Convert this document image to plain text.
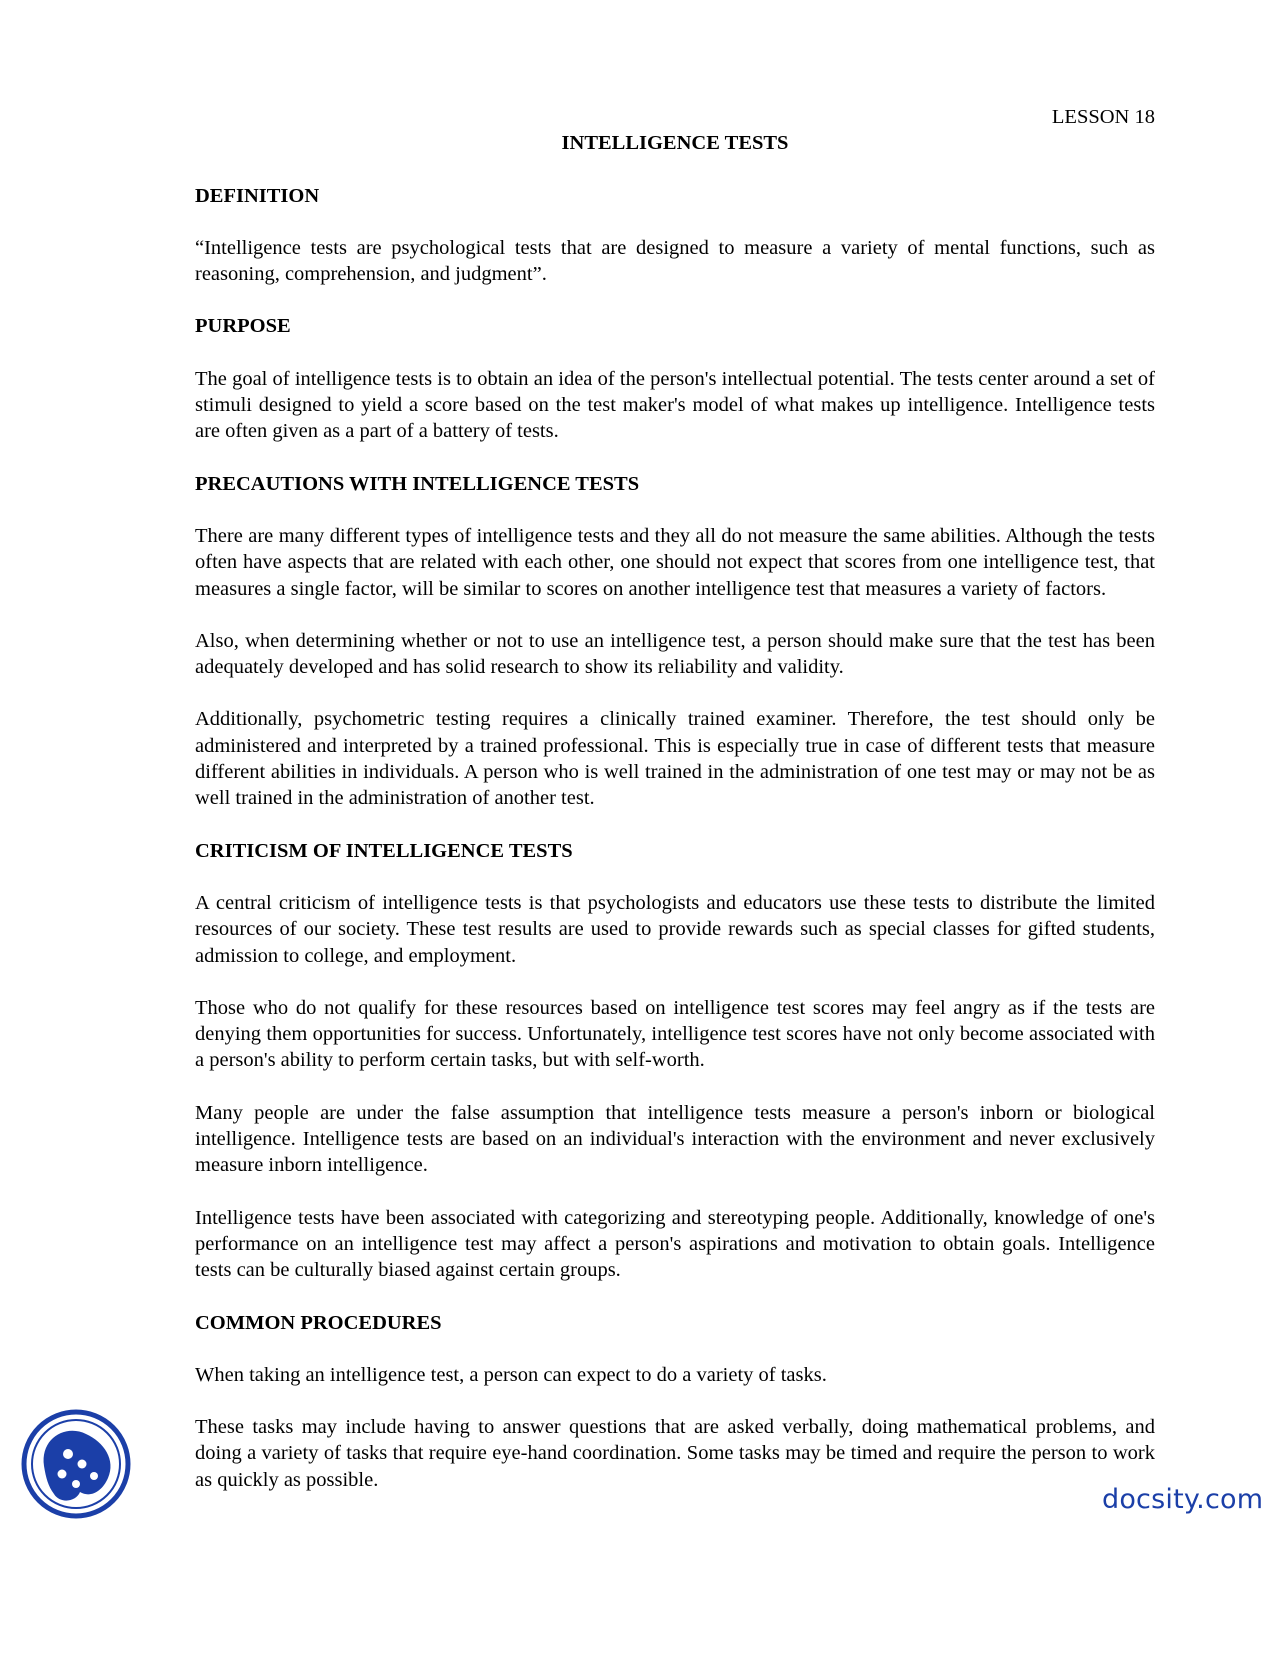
LESSON 18

INTELLIGENCE TESTS

DEFINITION

“Intelligence tests are psychological tests that are designed to measure a variety of mental functions, such as reasoning, comprehension, and judgment”.

PURPOSE

The goal of intelligence tests is to obtain an idea of the person's intellectual potential. The tests center around a set of stimuli designed to yield a score based on the test maker's model of what makes up intelligence. Intelligence tests are often given as a part of a battery of tests.

PRECAUTIONS WITH INTELLIGENCE TESTS

There are many different types of intelligence tests and they all do not measure the same abilities. Although the tests often have aspects that are related with each other, one should not expect that scores from one intelligence test, that measures a single factor, will be similar to scores on another intelligence test that measures a variety of factors.

Also, when determining whether or not to use an intelligence test, a person should make sure that the test has been adequately developed and has solid research to show its reliability and validity.

Additionally, psychometric testing requires a clinically trained examiner. Therefore, the test should only be administered and interpreted by a trained professional. This is especially true in case of different tests that measure different abilities in individuals. A person who is well trained in the administration of one test may or may not be as well trained in the administration of another test.

CRITICISM OF INTELLIGENCE TESTS

A central criticism of intelligence tests is that psychologists and educators use these tests to distribute the limited resources of our society. These test results are used to provide rewards such as special classes for gifted students, admission to college, and employment.

Those who do not qualify for these resources based on intelligence test scores may feel angry as if the tests are denying them opportunities for success. Unfortunately, intelligence test scores have not only become associated with a person's ability to perform certain tasks, but with self-worth.

Many people are under the false assumption that intelligence tests measure a person's inborn or biological intelligence. Intelligence tests are based on an individual's interaction with the environment and never exclusively measure inborn intelligence.

Intelligence tests have been associated with categorizing and stereotyping people. Additionally, knowledge of one's performance on an intelligence test may affect a person's aspirations and motivation to obtain goals. Intelligence tests can be culturally biased against certain groups.

COMMON PROCEDURES

When taking an intelligence test, a person can expect to do a variety of tasks.

These tasks may include having to answer questions that are asked verbally, doing mathematical problems, and doing a variety of tasks that require eye-hand coordination. Some tasks may be timed and require the person to work as quickly as possible.

docsity.com
